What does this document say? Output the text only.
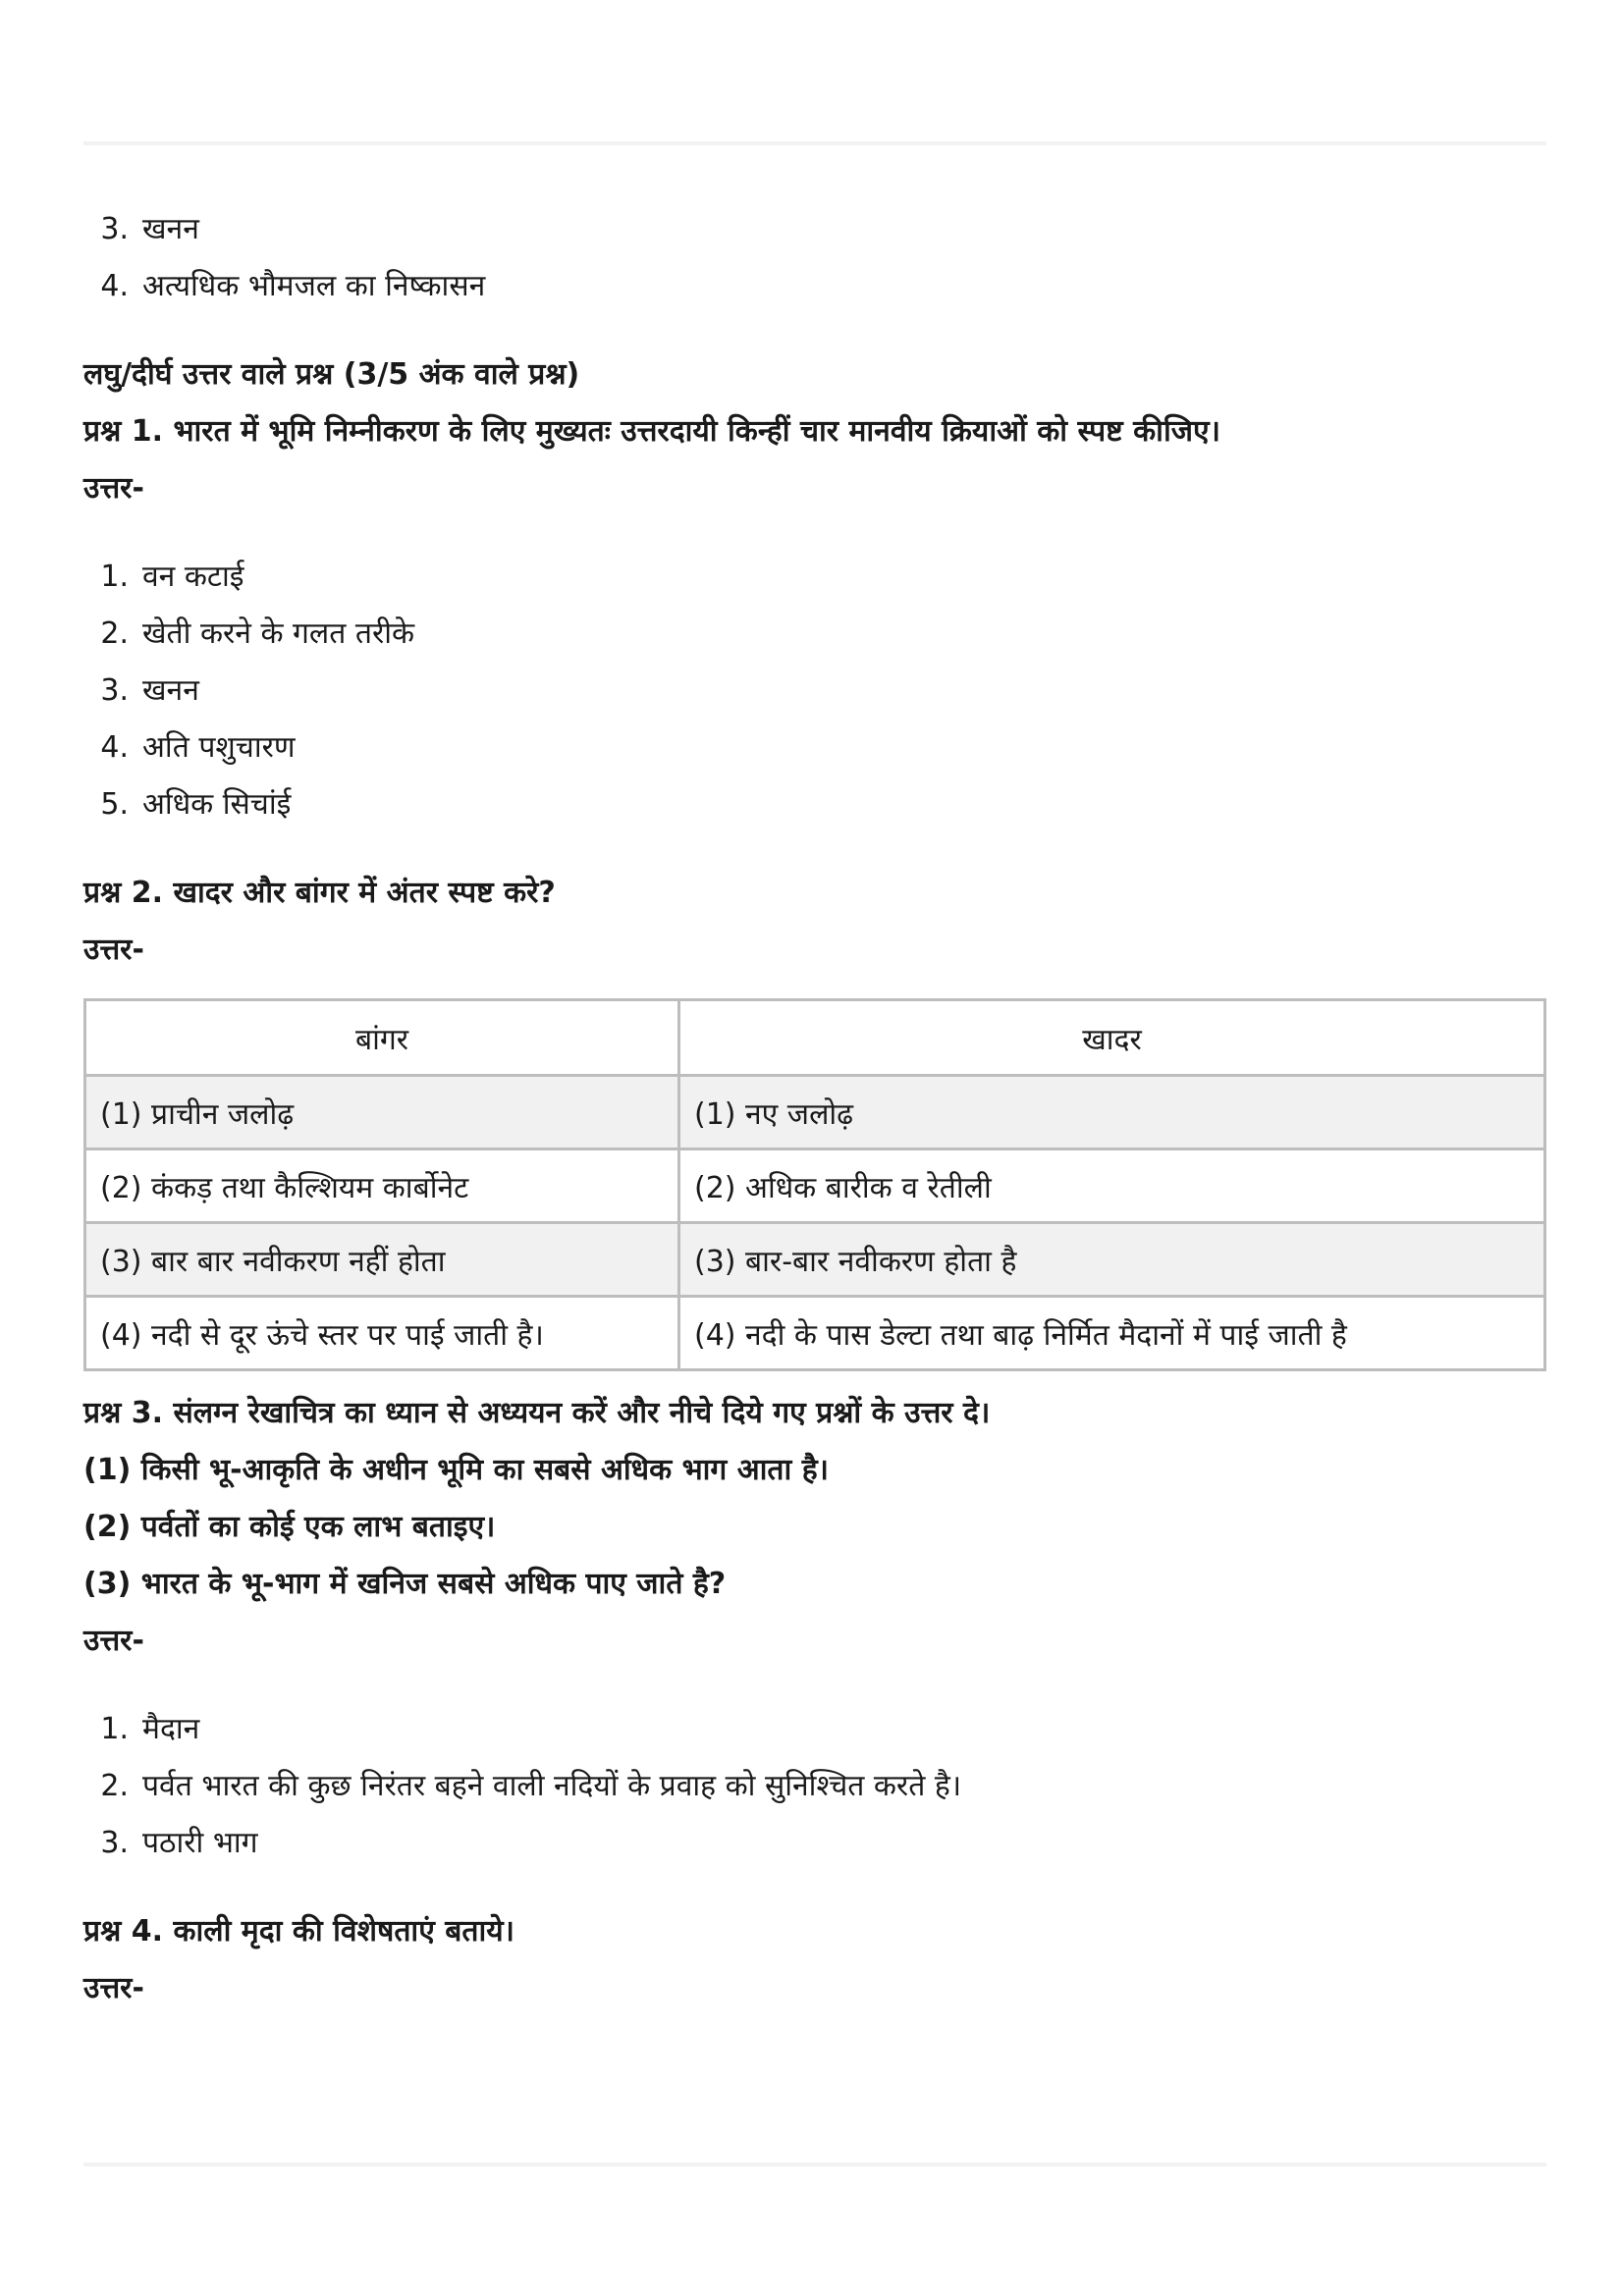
3. खनन
4. अत्यधिक भौमजल का निष्कासन

लघु/दीर्घ उत्तर वाले प्रश्न (3/5 अंक वाले प्रश्न)

प्रश्न 1. भारत में भूमि निम्नीकरण के लिए मुख्यतः उत्तरदायी किन्हीं चार मानवीय क्रियाओं को स्पष्ट कीजिए।

उत्तर-

1. वन कटाई
2. खेती करने के गलत तरीके
3. खनन
4. अति पशुचारण
5. अधिक सिचांई

प्रश्न 2. खादर और बांगर में अंतर स्पष्ट करे?

उत्तर-

बांगर	खादर
(1) प्राचीन जलोढ़	(1) नए जलोढ़
(2) कंकड़ तथा कैल्शियम कार्बोनेट	(2) अधिक बारीक व रेतीली
(3) बार बार नवीकरण नहीं होता	(3) बार-बार नवीकरण होता है
(4) नदी से दूर ऊंचे स्तर पर पाई जाती है।	(4) नदी के पास डेल्टा तथा बाढ़ निर्मित मैदानों में पाई जाती है

प्रश्न 3. संलग्न रेखाचित्र का ध्यान से अध्ययन करें और नीचे दिये गए प्रश्नों के उत्तर दे।

(1) किसी भू-आकृति के अधीन भूमि का सबसे अधिक भाग आता है।

(2) पर्वतों का कोई एक लाभ बताइए।

(3) भारत के भू-भाग में खनिज सबसे अधिक पाए जाते है?

उत्तर-

1. मैदान
2. पर्वत भारत की कुछ निरंतर बहने वाली नदियों के प्रवाह को सुनिश्चित करते है।
3. पठारी भाग

प्रश्न 4. काली मृदा की विशेषताएं बताये।

उत्तर-
